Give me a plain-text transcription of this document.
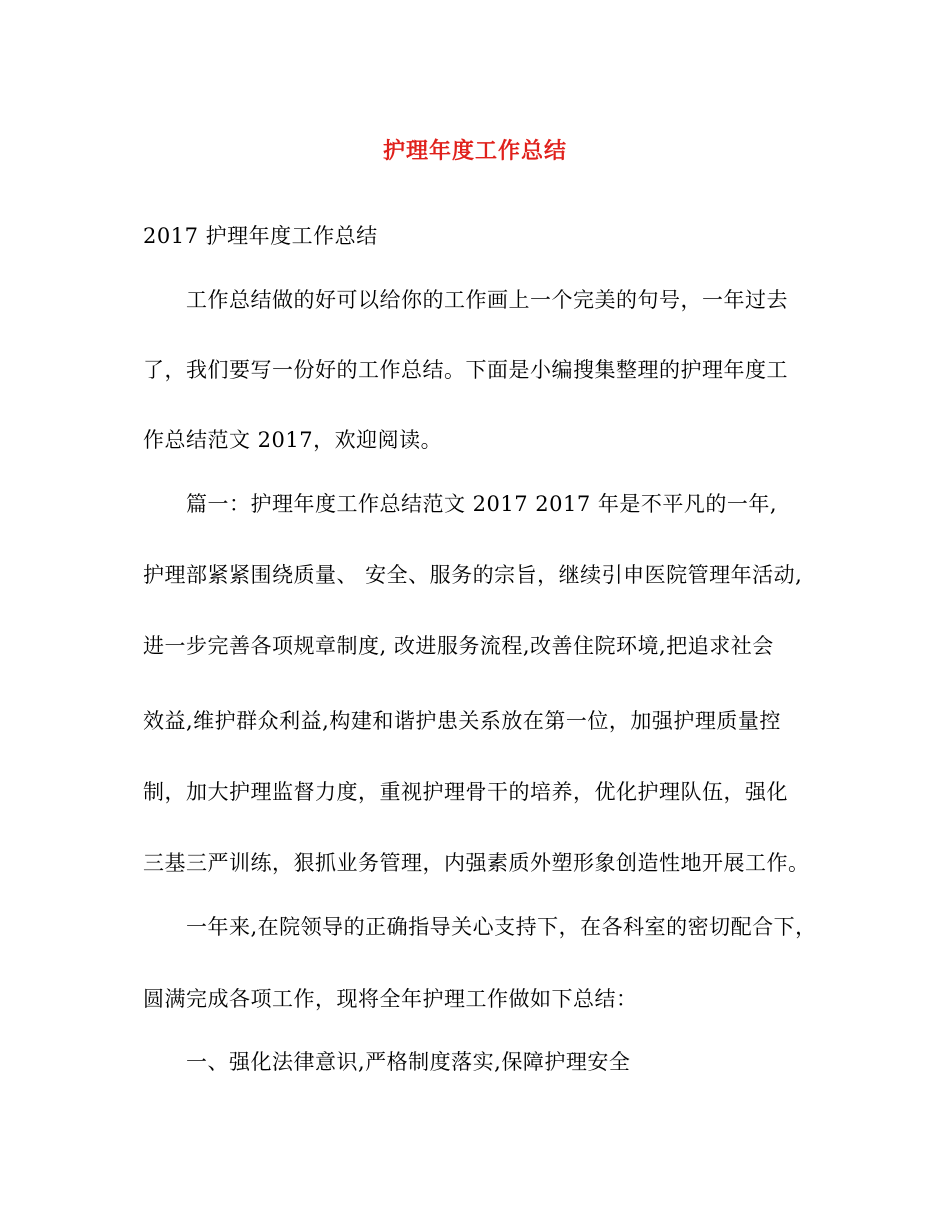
护理年度工作总结
2017 护理年度工作总结
工作总结做的好可以给你的工作画上一个完美的句号，一年过去
了，我们要写一份好的工作总结。下面是小编搜集整理的护理年度工
作总结范文 2017，欢迎阅读。
篇一：护理年度工作总结范文 2017 2017 年是不平凡的一年,
护理部紧紧围绕质量、 安全、服务的宗旨，继续引申医院管理年活动,
进一步完善各项规章制度, 改进服务流程,改善住院环境,把追求社会
效益,维护群众利益,构建和谐护患关系放在第一位，加强护理质量控
制，加大护理监督力度，重视护理骨干的培养，优化护理队伍，强化
三基三严训练，狠抓业务管理，内强素质外塑形象创造性地开展工作。
一年来,在院领导的正确指导关心支持下，在各科室的密切配合下，
圆满完成各项工作，现将全年护理工作做如下总结：
一、强化法律意识,严格制度落实,保障护理安全
